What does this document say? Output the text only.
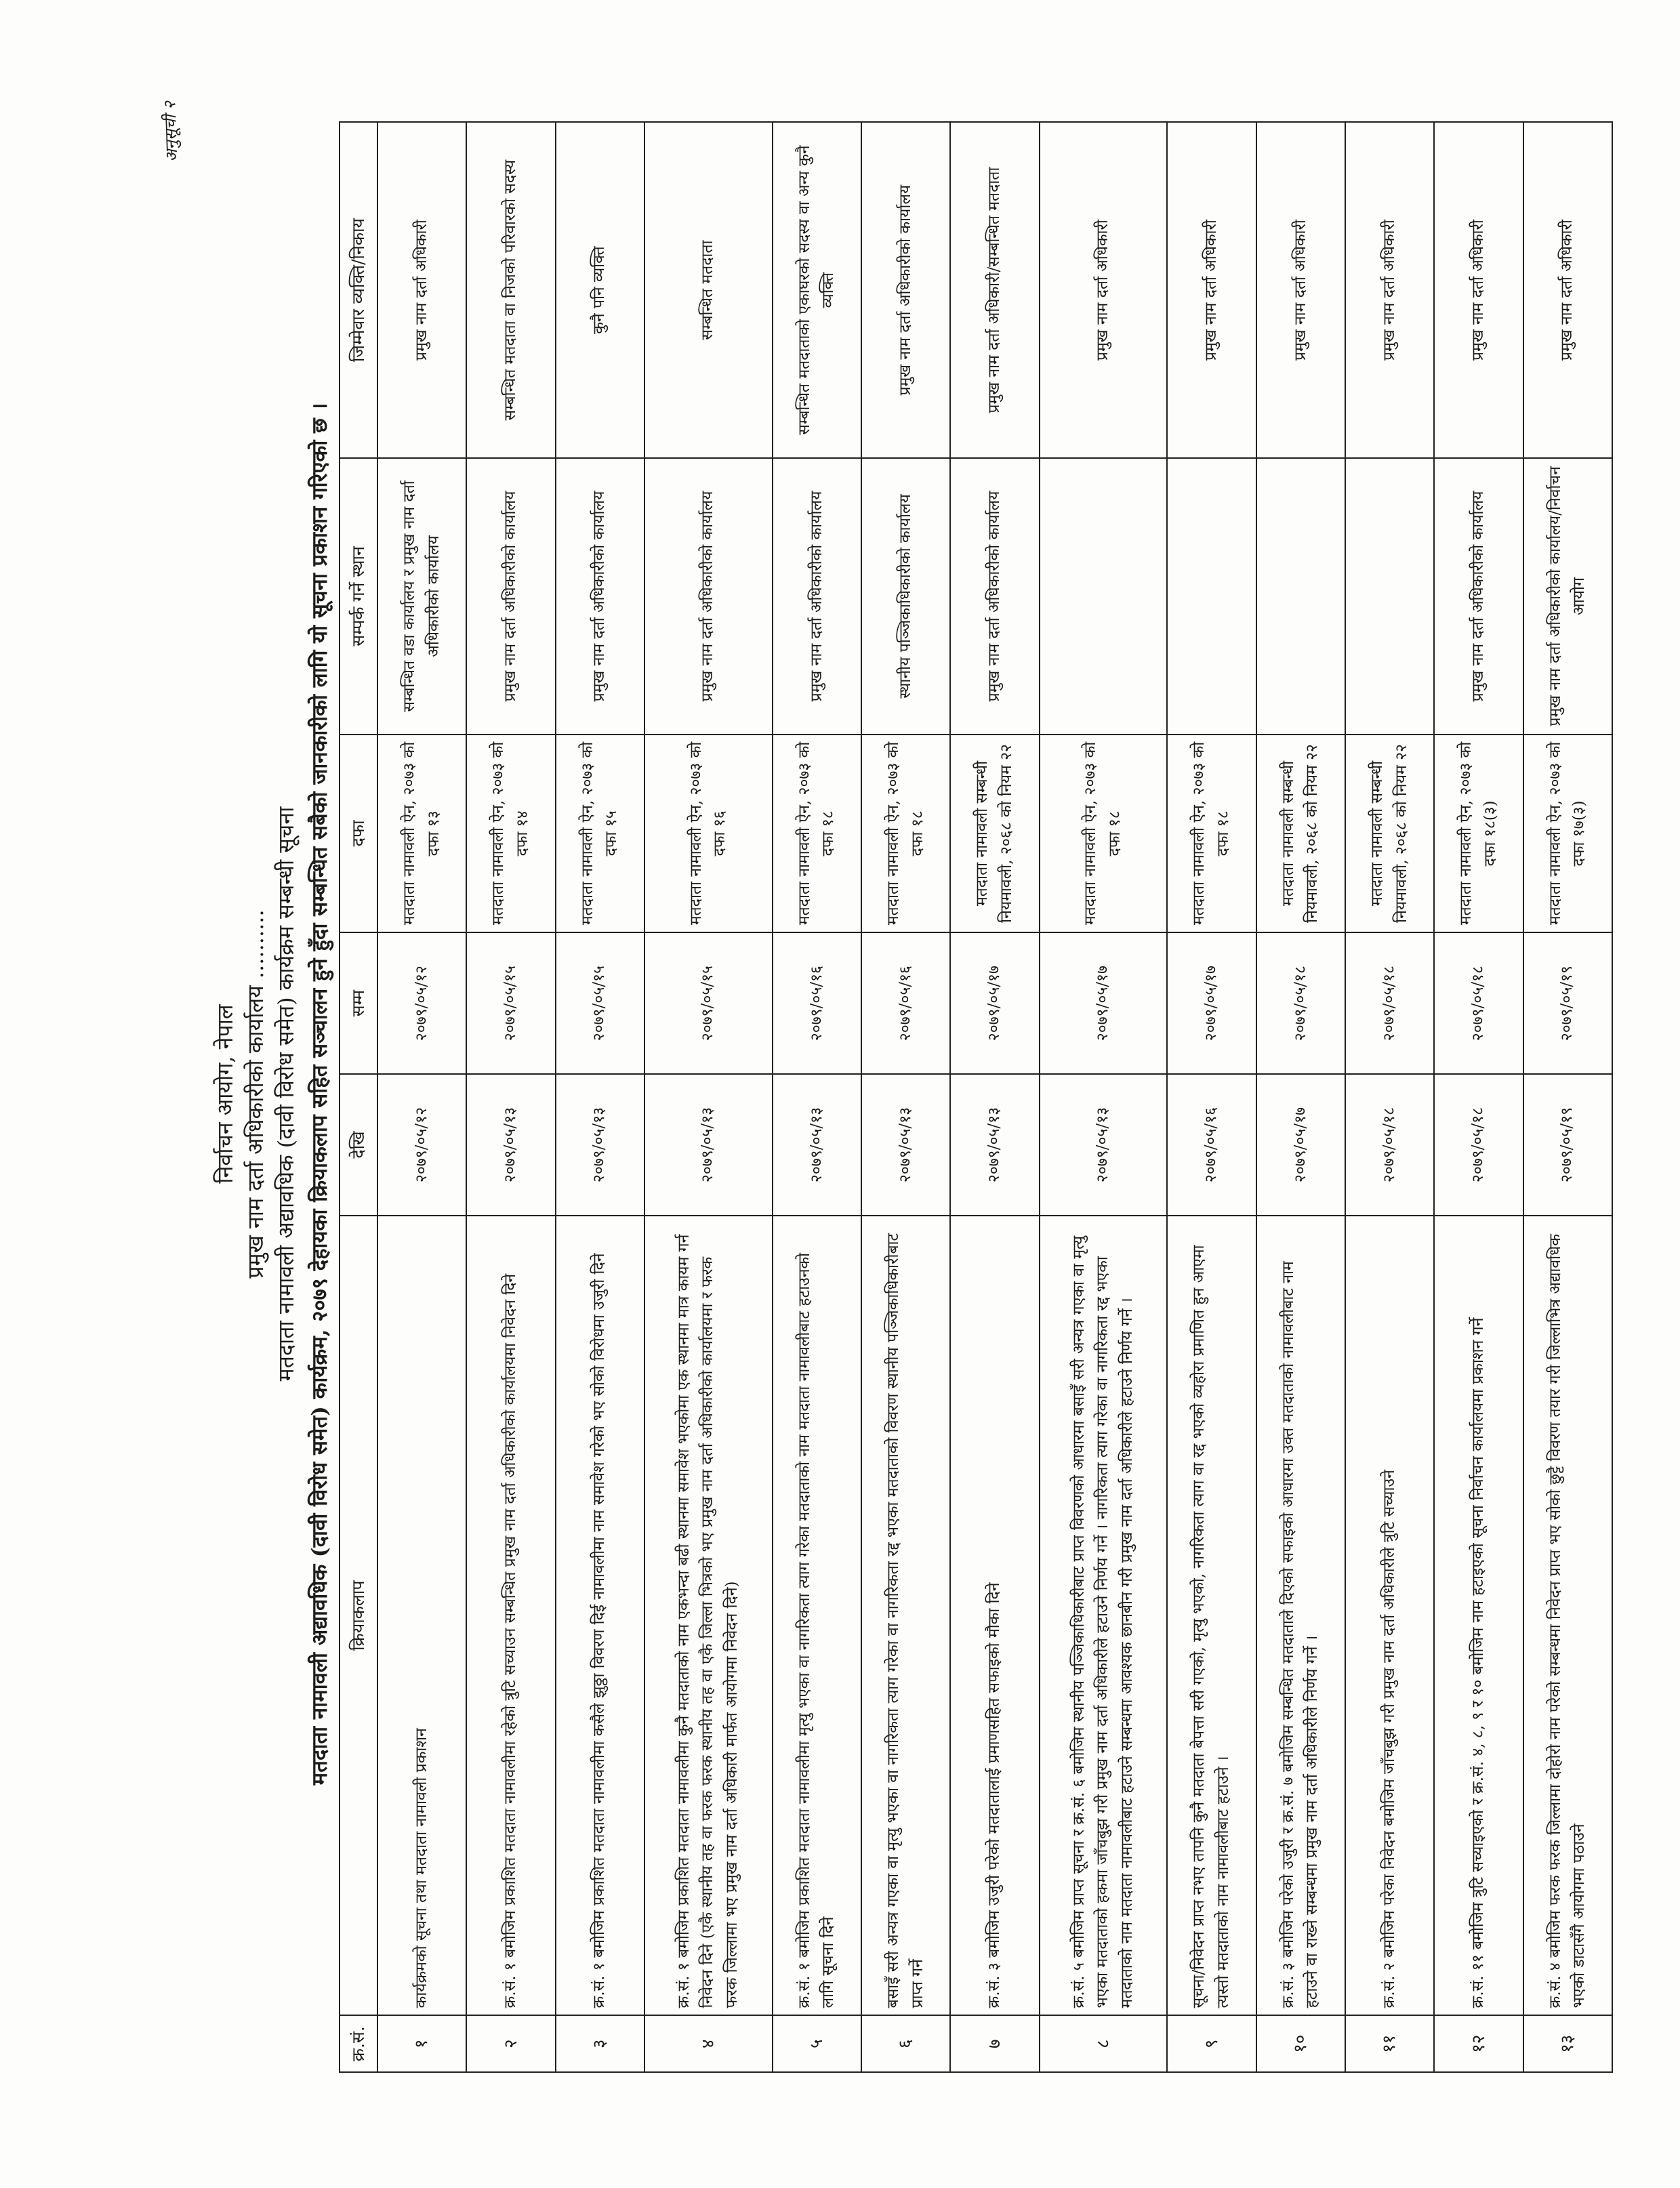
अनुसूची २
निर्वाचन आयोग, नेपाल प्रमुख नाम दर्ता अधिकारीको कार्यालय .......... मतदाता नामावली अद्यावधिक (दावी विरोध समेत) कार्यक्रम सम्बन्धी सूचना मतदाता नामावली अद्यावधिक (दावी विरोध समेत) कार्यक्रम, २०७९ देहायका क्रियाकलाप सहित सञ्चालन हुने हुँदा सम्बन्धित सबैको जानकारीको लागि यो सूचना प्रकाशन गरिएको छ ।
क्र.सं.	क्रियाकलाप	देखि	सम्म	दफा	सम्पर्क गर्ने स्थान	जिम्मेवार व्यक्ति/निकाय
१	कार्यक्रमको सूचना तथा मतदाता नामावली प्रकाशन	२०७९/०५/१२	२०७९/०५/१२	मतदाता नामावली ऐन, २०७३ को दफा १३	सम्बन्धित वडा कार्यालय र प्रमुख नाम दर्ता अधिकारीको कार्यालय	प्रमुख नाम दर्ता अधिकारी
२	क्र.सं. १ बमोजिम प्रकाशित मतदाता नामावलीमा रहेको त्रुटि सच्याउन सम्बन्धित प्रमुख नाम दर्ता अधिकारीको कार्यालयमा निवेदन दिने	२०७९/०५/१३	२०७९/०५/१५	मतदाता नामावली ऐन, २०७३ को दफा १४	प्रमुख नाम दर्ता अधिकारीको कार्यालय	सम्बन्धित मतदाता वा निजको परिवारको सदस्य
३	क्र.सं. १ बमोजिम प्रकाशित मतदाता नामावलीमा कसैले झुठ्ठा विवरण दिई नामावलीमा नाम समावेश गरेको भए सोको विरोधमा उजुरी दिने	२०७९/०५/१३	२०७९/०५/१५	मतदाता नामावली ऐन, २०७३ को दफा १५	प्रमुख नाम दर्ता अधिकारीको कार्यालय	कुनै पनि व्यक्ति
४	क्र.सं. १ बमोजिम प्रकाशित मतदाता नामावलीमा कुनै मतदाताको नाम एकभन्दा बढी स्थानमा समावेश भएकोमा एक स्थानमा मात्र कायम गर्न निवेदन दिने (एकै स्थानीय तह वा फरक फरक स्थानीय तह वा एकै जिल्ला भित्रको भए प्रमुख नाम दर्ता अधिकारीको कार्यालयमा र फरक फरक जिल्लामा भए प्रमुख नाम दर्ता अधिकारी मार्फत आयोगमा निवेदन दिने)	२०७९/०५/१३	२०७९/०५/१५	मतदाता नामावली ऐन, २०७३ को दफा १६	प्रमुख नाम दर्ता अधिकारीको कार्यालय	सम्बन्धित मतदाता
५	क्र.सं. १ बमोजिम प्रकाशित मतदाता नामावलीमा मृत्यु भएका वा नागरिकता त्याग गरेका मतदाताको नाम मतदाता नामावलीबाट हटाउनको लागि सूचना दिने	२०७९/०५/१३	२०७९/०५/१६	मतदाता नामावली ऐन, २०७३ को दफा १८	प्रमुख नाम दर्ता अधिकारीको कार्यालय	सम्बन्धित मतदाताको एकाघरको सदस्य वा अन्य कुनै व्यक्ति
६	बसाइँ सरी अन्यत्र गएका वा मृत्यु भएका वा नागरिकता त्याग गरेका वा नागरिकता रद्द भएका मतदाताको विवरण स्थानीय पञ्जिकाधिकारीबाट प्राप्त गर्ने	२०७९/०५/१३	२०७९/०५/१६	मतदाता नामावली ऐन, २०७३ को दफा १८	स्थानीय पञ्जिकाधिकारीको कार्यालय	प्रमुख नाम दर्ता अधिकारीको कार्यालय
७	क्र.सं. ३ बमोजिम उजुरी परेको मतदातालाई प्रमाणसहित सफाइको मौका दिने	२०७९/०५/१३	२०७९/०५/१७	मतदाता नामावली सम्बन्धी नियमावली, २०६८ को नियम २२	प्रमुख नाम दर्ता अधिकारीको कार्यालय	प्रमुख नाम दर्ता अधिकारी/सम्बन्धित मतदाता
८	क्र.सं. ५ बमोजिम प्राप्त सूचना र क्र.सं. ६ बमोजिम स्थानीय पञ्जिकाधिकारीबाट प्राप्त विवरणको आधारमा बसाइँ सरी अन्यत्र गएका वा मृत्यु भएका मतदाताको हकमा जाँचबुझ गरी प्रमुख नाम दर्ता अधिकारीले हटाउने निर्णय गर्ने । नागरिकता त्याग गरेका वा नागरिकता रद्द भएका मतदाताको नाम मतदाता नामावलीबाट हटाउने सम्बन्धमा आवश्यक छानबीन गरी प्रमुख नाम दर्ता अधिकारीले हटाउने निर्णय गर्ने ।	२०७९/०५/१३	२०७९/०५/१७	मतदाता नामावली ऐन, २०७३ को दफा १८		प्रमुख नाम दर्ता अधिकारी
९	सूचना/निवेदन प्राप्त नभए तापनि कुनै मतदाता बेपत्ता सरी गएको, मृत्यु भएको, नागरिकता त्याग वा रद्द भएको व्यहोरा प्रमाणित हुन आएमा त्यस्तो मतदाताको नाम नामावलीबाट हटाउने ।	२०७९/०५/१६	२०७९/०५/१७	मतदाता नामावली ऐन, २०७३ को दफा १८		प्रमुख नाम दर्ता अधिकारी
१०	क्र.सं. ३ बमोजिम परेको उजुरी र क्र.सं. ७ बमोजिम सम्बन्धित मतदाताले दिएको सफाइको आधारमा उक्त मतदाताको नामावलीबाट नाम हटाउने वा राख्ने सम्बन्धमा प्रमुख नाम दर्ता अधिकारीले निर्णय गर्ने ।	२०७९/०५/१७	२०७९/०५/१८	मतदाता नामावली सम्बन्धी नियमावली, २०६८ को नियम २२		प्रमुख नाम दर्ता अधिकारी
११	क्र.सं. २ बमोजिम परेका निवेदन बमोजिम जाँचबुझ गरी प्रमुख नाम दर्ता अधिकारीले त्रुटि सच्याउने	२०७९/०५/१८	२०७९/०५/१८	मतदाता नामावली सम्बन्धी नियमावली, २०६८ को नियम २२		प्रमुख नाम दर्ता अधिकारी
१२	क्र.सं. ११ बमोजिम त्रुटि सच्याइएको र क्र.सं. ४, ८, ९ र १० बमोजिम नाम हटाइएको सूचना निर्वाचन कार्यालयमा प्रकाशन गर्ने	२०७९/०५/१८	२०७९/०५/१८	मतदाता नामावली ऐन, २०७३ को दफा १८(३)	प्रमुख नाम दर्ता अधिकारीको कार्यालय	प्रमुख नाम दर्ता अधिकारी
१३	क्र.सं. ४ बमोजिम फरक फरक जिल्लामा दोहोरो नाम परेको सम्बन्धमा निवेदन प्राप्त भए सोको छुट्टै विवरण तयार गरी जिल्लाभित्र अद्यावधिक भएको डाटासँगै आयोगमा पठाउने	२०७९/०५/१९	२०७९/०५/१९	मतदाता नामावली ऐन, २०७३ को दफा १७(३)	प्रमुख नाम दर्ता अधिकारीको कार्यालय/निर्वाचन आयोग	प्रमुख नाम दर्ता अधिकारी
